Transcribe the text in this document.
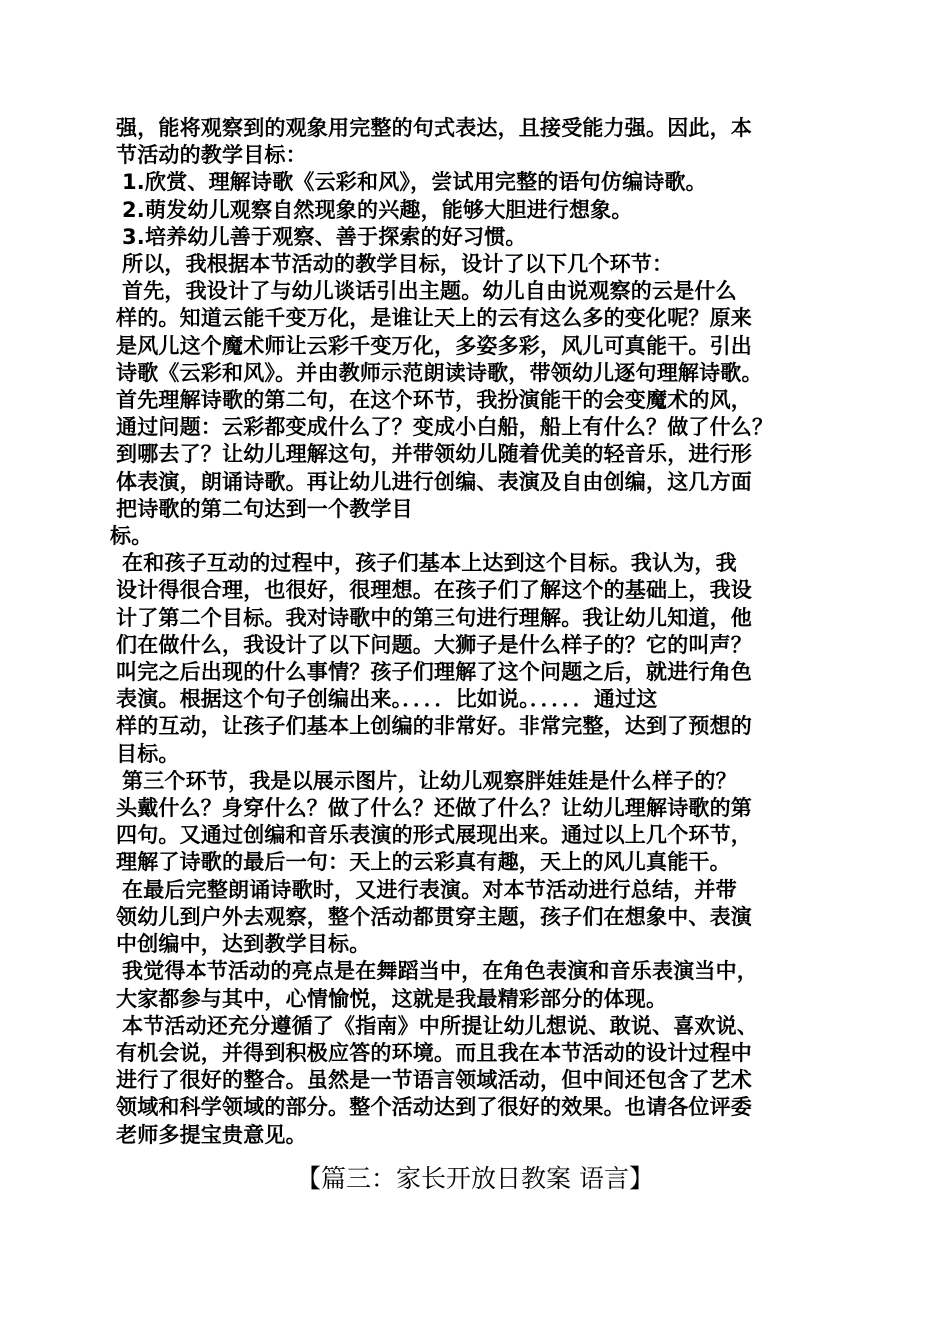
强，能将观察到的观象用完整的句式表达，且接受能力强。因此，本
节活动的教学目标：
1.欣赏、理解诗歌《云彩和风》，尝试用完整的语句仿编诗歌。
2.萌发幼儿观察自然现象的兴趣，能够大胆进行想象。
3.培养幼儿善于观察、善于探索的好习惯。
所以，我根据本节活动的教学目标，设计了以下几个环节：
首先，我设计了与幼儿谈话引出主题。幼儿自由说观察的云是什么
样的。知道云能千变万化，是谁让天上的云有这么多的变化呢？原来
是风儿这个魔术师让云彩千变万化，多姿多彩，风儿可真能干。引出
诗歌《云彩和风》。并由教师示范朗读诗歌，带领幼儿逐句理解诗歌。
首先理解诗歌的第二句，在这个环节，我扮演能干的会变魔术的风，
通过问题：云彩都变成什么了？变成小白船，船上有什么？做了什么？
到哪去了？让幼儿理解这句，并带领幼儿随着优美的轻音乐，进行形
体表演，朗诵诗歌。再让幼儿进行创编、表演及自由创编，这几方面
把诗歌的第二句达到一个教学目
标。
在和孩子互动的过程中，孩子们基本上达到这个目标。我认为，我
设计得很合理，也很好，很理想。在孩子们了解这个的基础上，我设
计了第二个目标。我对诗歌中的第三句进行理解。我让幼儿知道，他
们在做什么，我设计了以下问题。大狮子是什么样子的？它的叫声？
叫完之后出现的什么事情？孩子们理解了这个问题之后，就进行角色
表演。根据这个句子创编出来。．．．．比如说。．．．．．通过这
样的互动，让孩子们基本上创编的非常好。非常完整，达到了预想的
目标。
第三个环节，我是以展示图片，让幼儿观察胖娃娃是什么样子的？
头戴什么？身穿什么？做了什么？还做了什么？让幼儿理解诗歌的第
四句。又通过创编和音乐表演的形式展现出来。通过以上几个环节，
理解了诗歌的最后一句：天上的云彩真有趣，天上的风儿真能干。
在最后完整朗诵诗歌时，又进行表演。对本节活动进行总结，并带
领幼儿到户外去观察，整个活动都贯穿主题，孩子们在想象中、表演
中创编中，达到教学目标。
我觉得本节活动的亮点是在舞蹈当中，在角色表演和音乐表演当中，
大家都参与其中，心情愉悦，这就是我最精彩部分的体现。
本节活动还充分遵循了《指南》中所提让幼儿想说、敢说、喜欢说、
有机会说，并得到积极应答的环境。而且我在本节活动的设计过程中
进行了很好的整合。虽然是一节语言领域活动，但中间还包含了艺术
领域和科学领域的部分。整个活动达到了很好的效果。也请各位评委
老师多提宝贵意见。
【篇三：家长开放日教案 语言】
